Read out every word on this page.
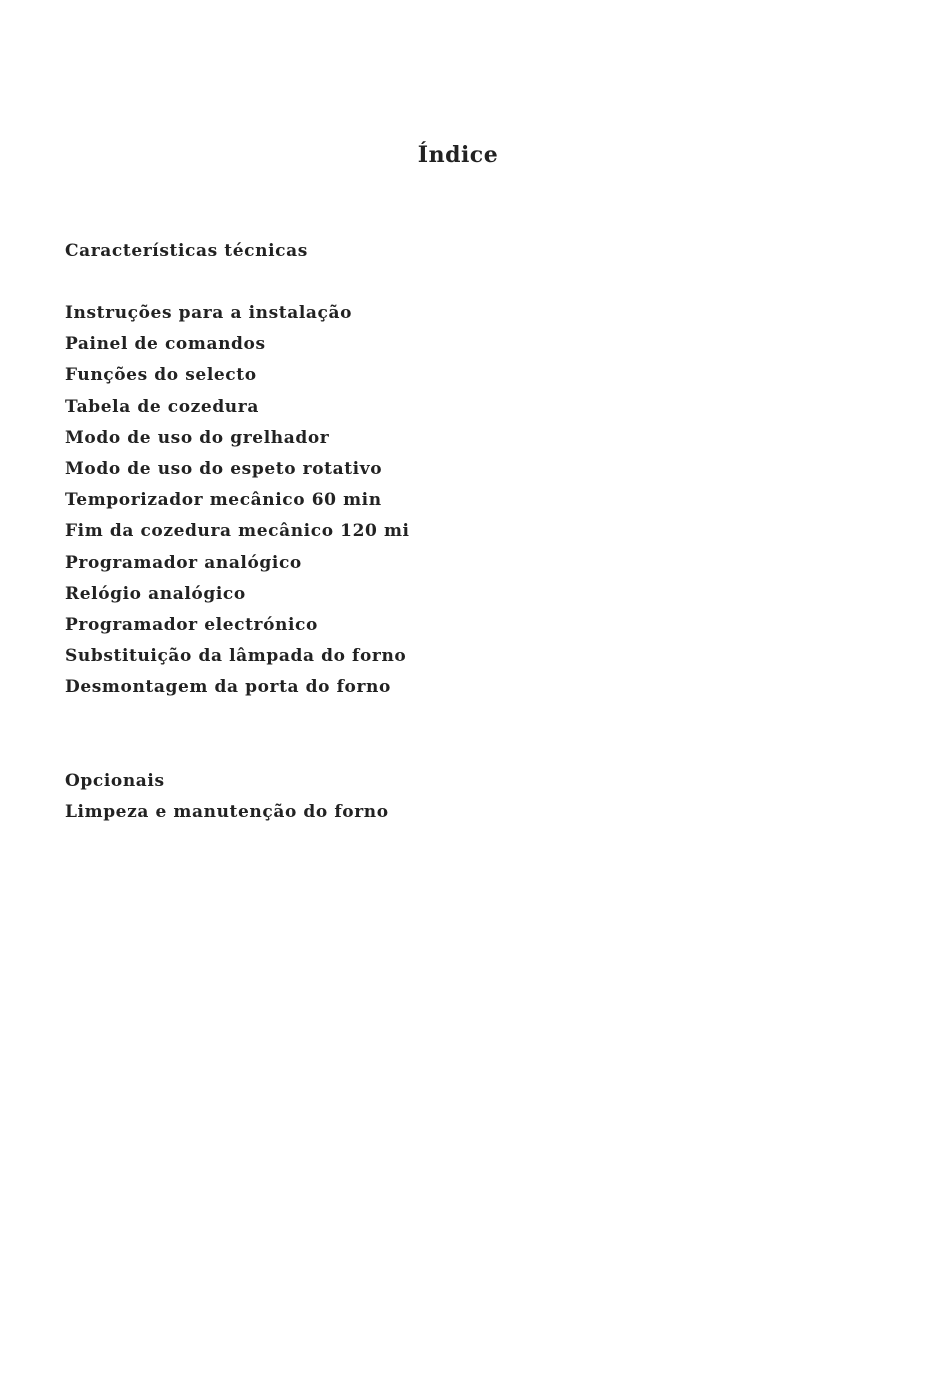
Índice
Características técnicas
Instruções para a instalação
Painel de comandos
Funções do selecto
Tabela de cozedura
Modo de uso do grelhador
Modo de uso do espeto rotativo
Temporizador mecânico 60 min
Fim da cozedura mecânico 120 mi
Programador analógico
Relógio analógico
Programador electrónico
Substituição da lâmpada do forno
Desmontagem da porta do forno
Opcionais
Limpeza e manutenção do forno
